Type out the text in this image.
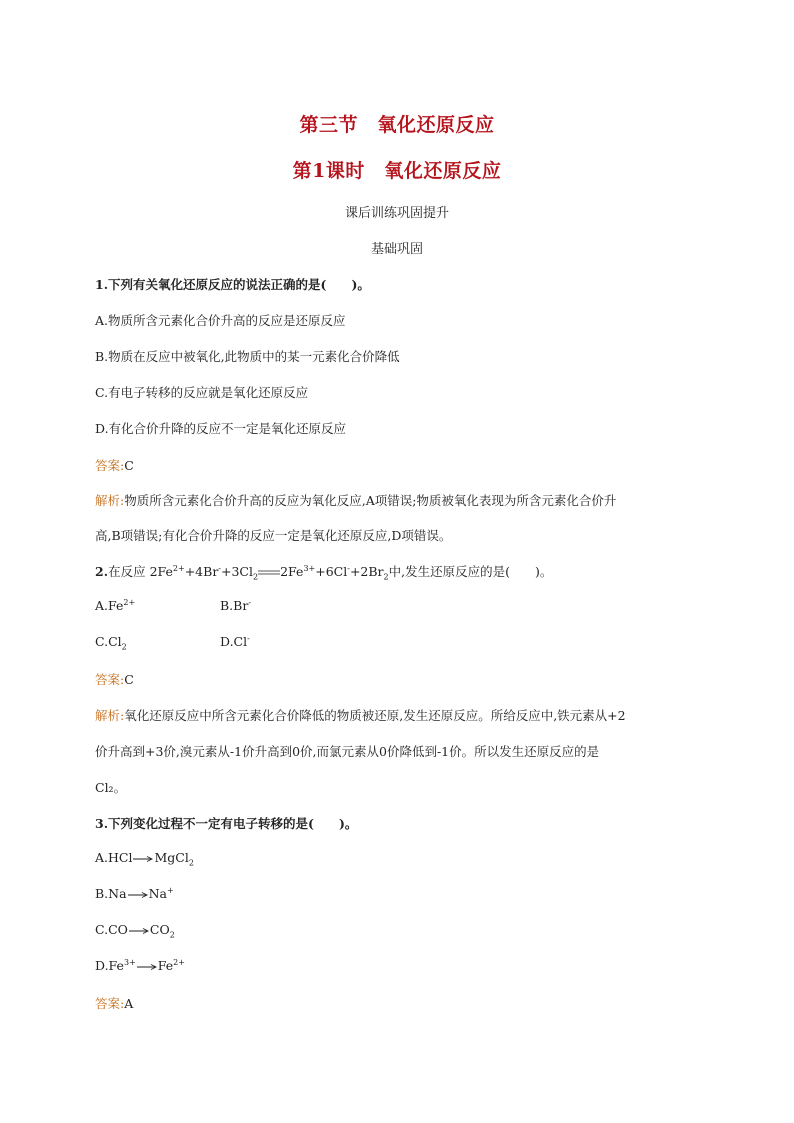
第三节　氧化还原反应
第1课时　氧化还原反应
课后训练巩固提升
基础巩固
1.下列有关氧化还原反应的说法正确的是(　　)。
A.物质所含元素化合价升高的反应是还原反应
B.物质在反应中被氧化,此物质中的某一元素化合价降低
C.有电子转移的反应就是氧化还原反应
D.有化合价升降的反应不一定是氧化还原反应
答案:C
解析:物质所含元素化合价升高的反应为氧化反应,A项错误;物质被氧化表现为所含元素化合价升
高,B项错误;有化合价升降的反应一定是氧化还原反应,D项错误。
2.在反应 $2Fe^{2+}+4Br^-+3Cl_2$ $2Fe^{3+}+6Cl^-+2Br_2$中,发生还原反应的是(　　)。
$A.Fe^{2+}$	B.Br-
$C.Cl_2$	D.Cl-
答案:C
解析:氧化还原反应中所含元素化合价降低的物质被还原,发生还原反应。所给反应中,铁元素从+2
价升高到+3价,溴元素从-1价升高到0价,而氯元素从0价降低到-1价。所以发生还原反应的是
Cl₂。
3.下列变化过程不一定有电子转移的是(　　)。
A.HCl MgCl$_2$
B.Na Na+
C.CO $CO_2$
$D.Fe^{3+}$ $Fe^{2+}$
答案:A
